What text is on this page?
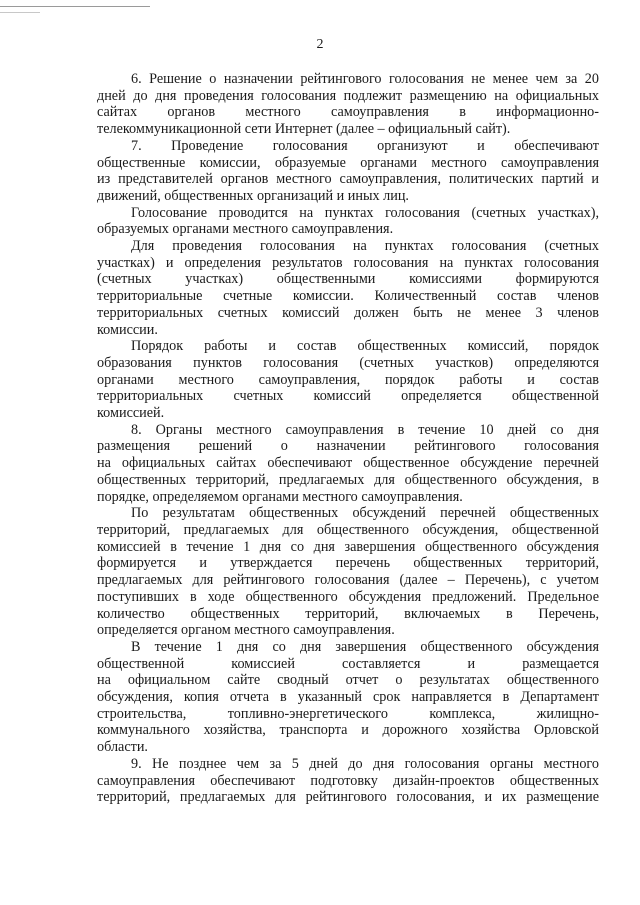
2
6. Решение о назначении рейтингового голосования не менее чем за 20
дней до дня проведения голосования подлежит размещению на официальных
сайтах органов местного самоуправления в информационно-
телекоммуникационной сети Интернет (далее – официальный сайт).
7. Проведение голосования организуют и обеспечивают
общественные комиссии, образуемые органами местного самоуправления
из представителей органов местного самоуправления, политических партий и
движений, общественных организаций и иных лиц.
Голосование проводится на пунктах голосования (счетных участках),
образуемых органами местного самоуправления.
Для проведения голосования на пунктах голосования (счетных
участках) и определения результатов голосования на пунктах голосования
(счетных участках) общественными комиссиями формируются
территориальные счетные комиссии. Количественный состав членов
территориальных счетных комиссий должен быть не менее 3 членов
комиссии.
Порядок работы и состав общественных комиссий, порядок
образования пунктов голосования (счетных участков) определяются
органами местного самоуправления, порядок работы и состав
территориальных счетных комиссий определяется общественной
комиссией.
8. Органы местного самоуправления в течение 10 дней со дня
размещения решений о назначении рейтингового голосования
на официальных сайтах обеспечивают общественное обсуждение перечней
общественных территорий, предлагаемых для общественного обсуждения, в
порядке, определяемом органами местного самоуправления.
По результатам общественных обсуждений перечней общественных
территорий, предлагаемых для общественного обсуждения, общественной
комиссией в течение 1 дня со дня завершения общественного обсуждения
формируется и утверждается перечень общественных территорий,
предлагаемых для рейтингового голосования (далее – Перечень), с учетом
поступивших в ходе общественного обсуждения предложений. Предельное
количество общественных территорий, включаемых в Перечень,
определяется органом местного самоуправления.
В течение 1 дня со дня завершения общественного обсуждения
общественной комиссией составляется и размещается
на официальном сайте сводный отчет о результатах общественного
обсуждения, копия отчета в указанный срок направляется в Департамент
строительства, топливно-энергетического комплекса, жилищно-
коммунального хозяйства, транспорта и дорожного хозяйства Орловской
области.
9. Не позднее чем за 5 дней до дня голосования органы местного
самоуправления обеспечивают подготовку дизайн-проектов общественных
территорий, предлагаемых для рейтингового голосования, и их размещение
